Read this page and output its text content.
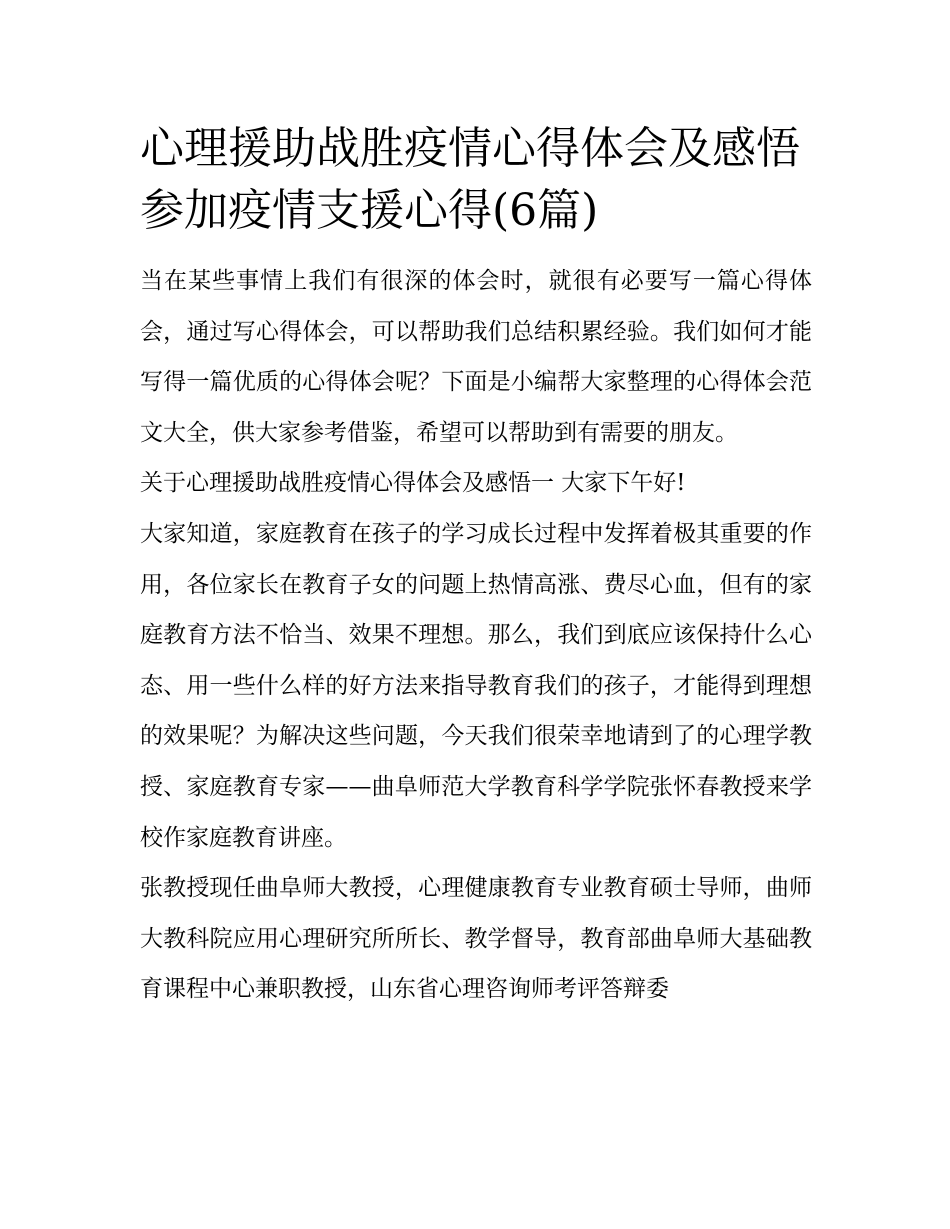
心理援助战胜疫情心得体会及感悟 参加疫情支援心得(6篇)

当在某些事情上我们有很深的体会时，就很有必要写一篇心得体会，通过写心得体会，可以帮助我们总结积累经验。我们如何才能写得一篇优质的心得体会呢？下面是小编帮大家整理的心得体会范文大全，供大家参考借鉴，希望可以帮助到有需要的朋友。

关于心理援助战胜疫情心得体会及感悟一 大家下午好!

大家知道，家庭教育在孩子的学习成长过程中发挥着极其重要的作用，各位家长在教育子女的问题上热情高涨、费尽心血，但有的家庭教育方法不恰当、效果不理想。那么，我们到底应该保持什么心态、用一些什么样的好方法来指导教育我们的孩子，才能得到理想的效果呢？为解决这些问题，今天我们很荣幸地请到了的心理学教授、家庭教育专家——曲阜师范大学教育科学学院张怀春教授来学校作家庭教育讲座。

张教授现任曲阜师大教授，心理健康教育专业教育硕士导师，曲师大教科院应用心理研究所所长、教学督导，教育部曲阜师大基础教育课程中心兼职教授，山东省心理咨询师考评答辩委
